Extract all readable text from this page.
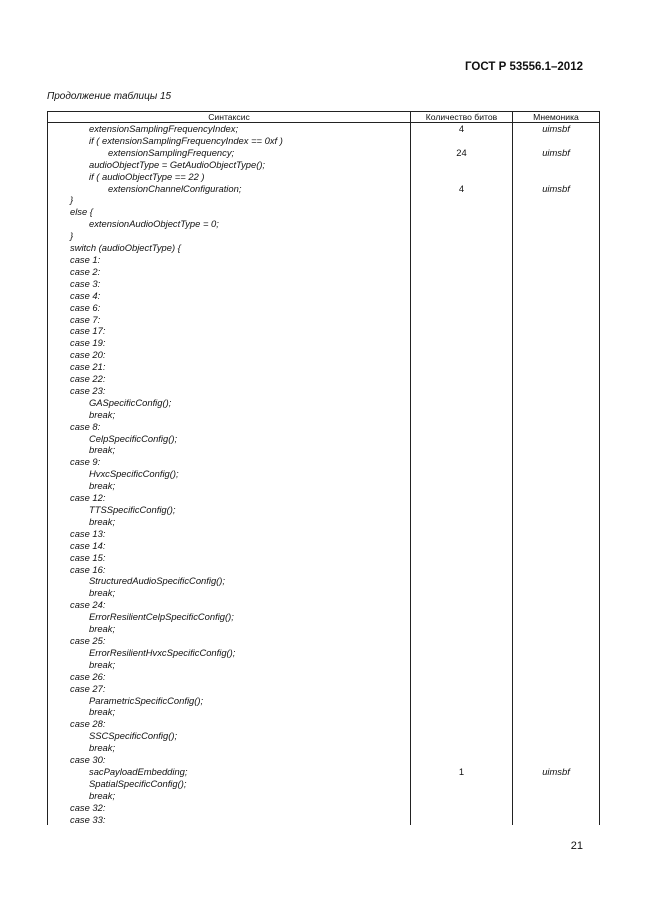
ГОСТ Р 53556.1–2012
Продолжение таблицы 15
Синтаксис	Количество битов	Мнемоника
extensionSamplingFrequencyIndex;	4	uimsbf
if ( extensionSamplingFrequencyIndex == 0xf )		
extensionSamplingFrequency;	24	uimsbf
audioObjectType = GetAudioObjectType();		
if ( audioObjectType == 22 )		
extensionChannelConfiguration;	4	uimsbf
}		
else {		
extensionAudioObjectType = 0;		
}		
switch (audioObjectType) {		
case 1:		
case 2:		
case 3:		
case 4:		
case 6:		
case 7:		
case 17:		
case 19:		
case 20:		
case 21:		
case 22:		
case 23:		
GASpecificConfig();		
break;		
case 8:		
CelpSpecificConfig();		
break;		
case 9:		
HvxcSpecificConfig();		
break;		
case 12:		
TTSSpecificConfig();		
break;		
case 13:		
case 14:		
case 15:		
case 16:		
StructuredAudioSpecificConfig();		
break;		
case 24:		
ErrorResilientCelpSpecificConfig();		
break;		
case 25:		
ErrorResilientHvxcSpecificConfig();		
break;		
case 26:		
case 27:		
ParametricSpecificConfig();		
break;		
case 28:		
SSCSpecificConfig();		
break;		
case 30:		
sacPayloadEmbedding;	1	uimsbf
SpatialSpecificConfig();		
break;		
case 32:		
case 33:		
21
